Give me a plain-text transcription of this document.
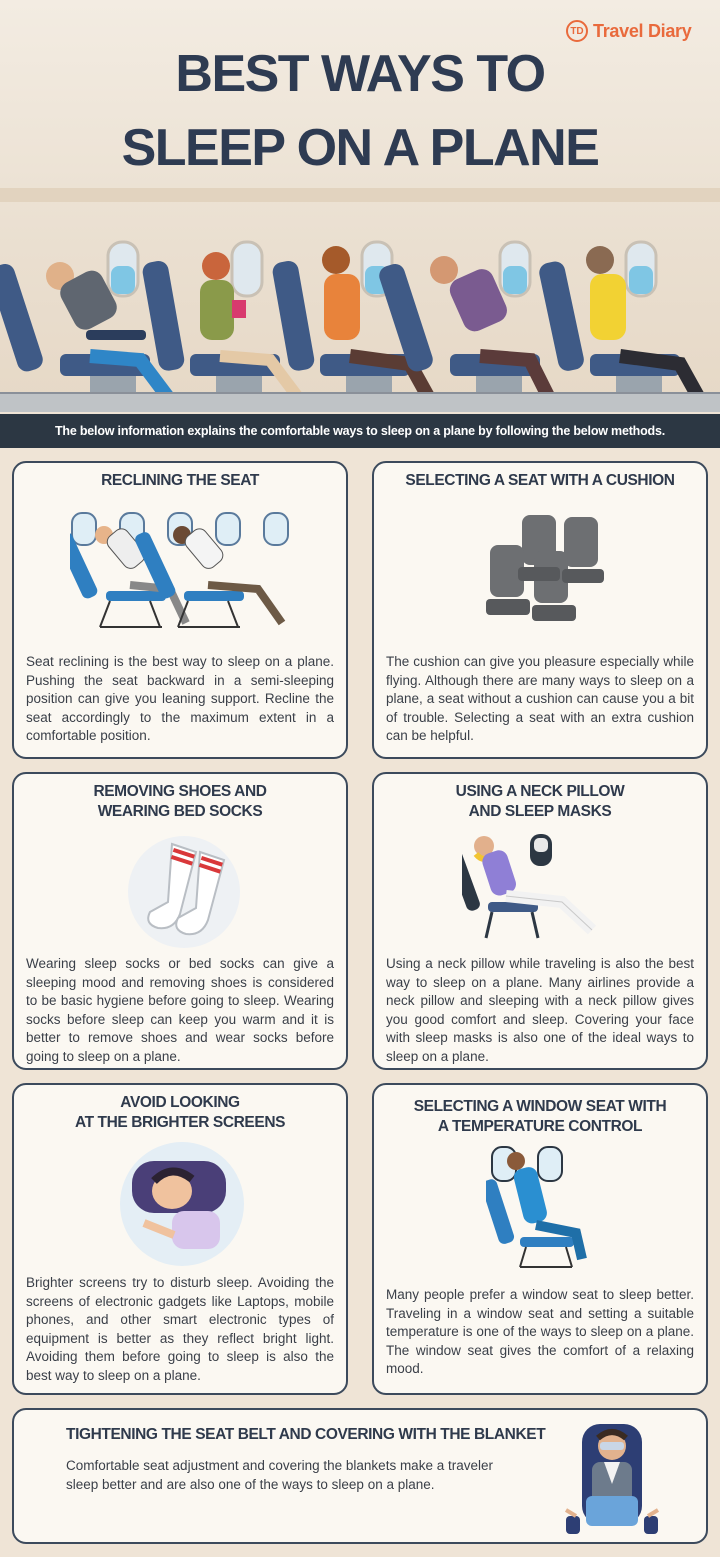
TD Travel Diary
BEST WAYS TO
SLEEP ON A PLANE
The below information explains the comfortable ways to sleep on a plane by following the below methods.
RECLINING THE SEAT
Seat reclining is the best way to sleep on a plane. Pushing the seat backward in a semi-sleeping position can give you leaning support. Recline the seat accordingly to the maximum extent in a comfortable position.
SELECTING A SEAT WITH A CUSHION
The cushion can give you pleasure especially while flying. Although there are many ways to sleep on a plane, a seat without a cushion can cause you a bit of trouble. Selecting a seat with an extra cushion can be helpful.
REMOVING SHOES AND
WEARING BED SOCKS
Wearing sleep socks or bed socks can give a sleeping mood and removing shoes is considered to be basic hygiene before going to sleep. Wearing socks before sleep can keep you warm and it is better to remove shoes and wear socks before going to sleep on a plane.
USING A NECK PILLOW
AND SLEEP MASKS
Using a neck pillow while traveling is also the best way to sleep on a plane. Many airlines provide a neck pillow and sleeping with a neck pillow gives you good comfort and sleep. Covering your face with sleep masks is also one of the ideal ways to sleep on a plane.
AVOID LOOKING
AT THE BRIGHTER SCREENS
Brighter screens try to disturb sleep. Avoiding the screens of electronic gadgets like Laptops, mobile phones, and other smart electronic types of equipment is better as they reflect bright light. Avoiding them before going to sleep is also the best way to sleep on a plane.
SELECTING A WINDOW SEAT WITH
A TEMPERATURE CONTROL
Many people prefer a window seat to sleep better. Traveling in a window seat and setting a suitable temperature is one of the ways to sleep on a plane. The window seat gives the comfort of a relaxing mood.
TIGHTENING THE SEAT BELT AND COVERING WITH THE BLANKET
Comfortable seat adjustment and covering the blankets make a traveler sleep better and are also one of the ways to sleep on a plane.
